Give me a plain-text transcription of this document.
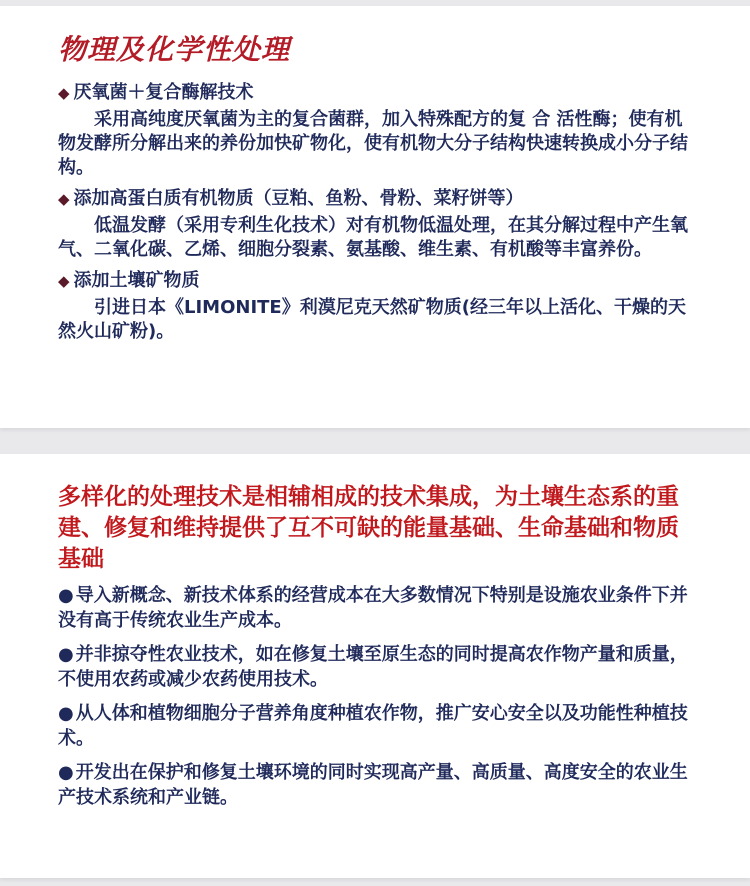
物理及化学性处理
◆ 厌氧菌＋复合酶解技术
采用高纯度厌氧菌为主的复合菌群，加入特殊配方的复 合 活性酶；使有机物发酵所分解出来的养份加快矿物化，使有机物大分子结构快速转换成小分子结构。
◆ 添加高蛋白质有机物质（豆粕、鱼粉、骨粉、菜籽饼等）
低温发酵（采用专利生化技术）对有机物低温处理，在其分解过程中产生氧气、二氧化碳、乙烯、细胞分裂素、氨基酸、维生素、有机酸等丰富养份。
◆ 添加土壤矿物质
引进日本《LIMONITE》利漠尼克天然矿物质(经三年以上活化、干燥的天然火山矿粉)。
多样化的处理技术是相辅相成的技术集成，为土壤生态系的重建、修复和维持提供了互不可缺的能量基础、生命基础和物质基础
● 导入新概念、新技术体系的经营成本在大多数情况下特别是设施农业条件下并没有高于传统农业生产成本。
● 并非掠夺性农业技术，如在修复土壤至原生态的同时提高农作物产量和质量，不使用农药或减少农药使用技术。
● 从人体和植物细胞分子营养角度种植农作物，推广安心安全以及功能性种植技术。
● 开发出在保护和修复土壤环境的同时实现高产量、高质量、高度安全的农业生产技术系统和产业链。
